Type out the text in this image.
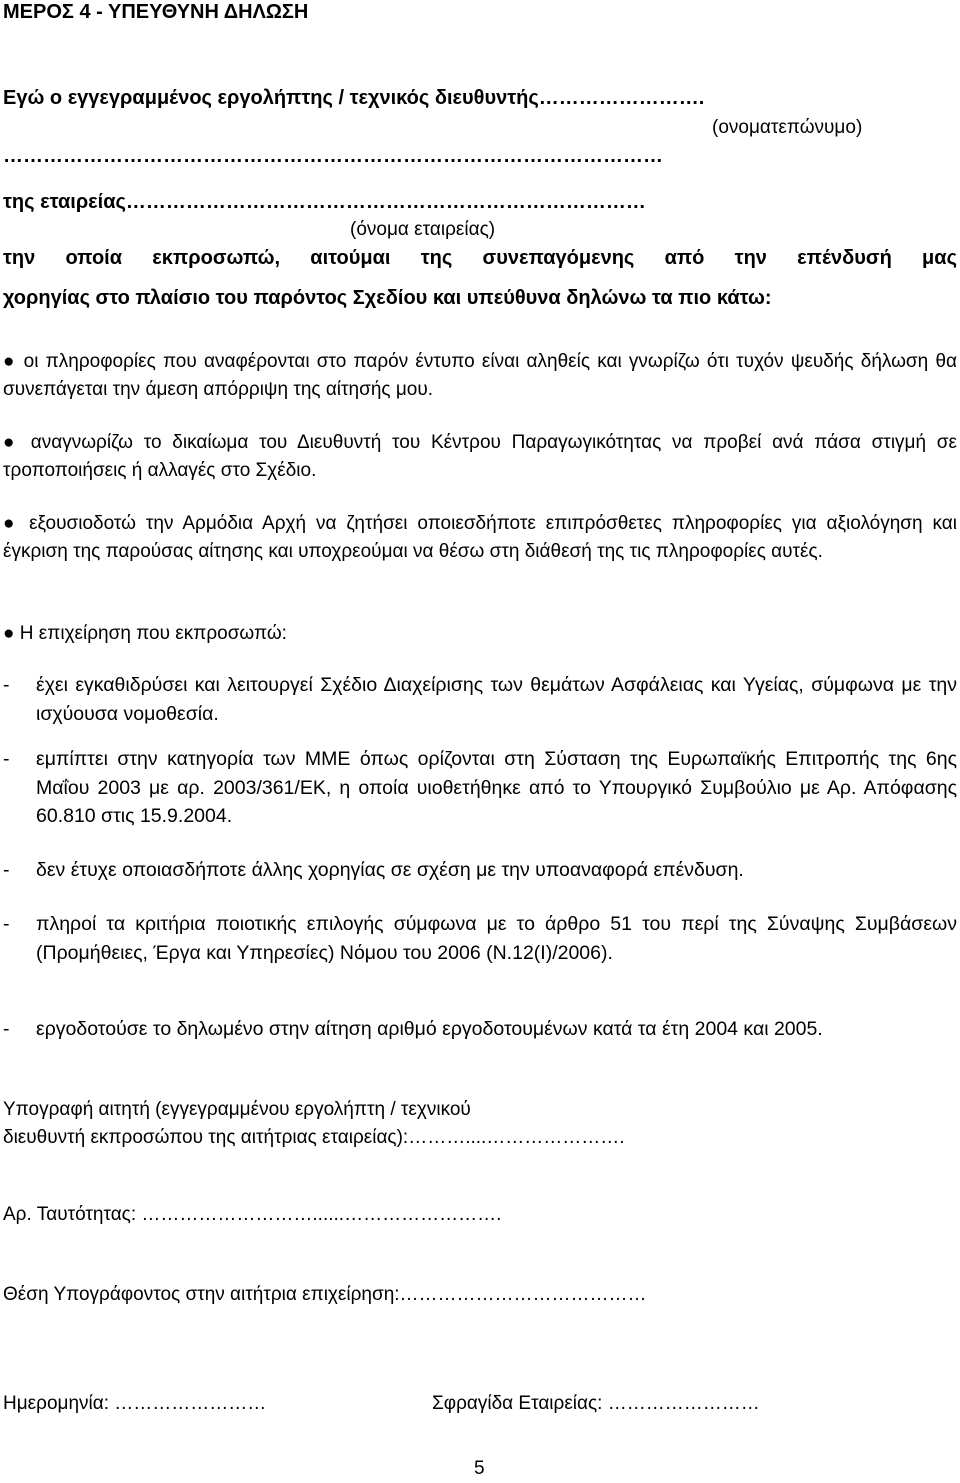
ΜΕΡΟΣ 4 - ΥΠΕΥΘΥΝΗ ΔΗΛΩΣΗ

Εγώ ο εγγεγραμμένος εργολήπτης / τεχνικός διευθυντής…………………….

(ονοματεπώνυμο)

………………………………………………………………………………………

της εταιρείας……………………………………………………………………

(όνομα εταιρείας)

την οποία εκπροσωπώ, αιτούμαι της συνεπαγόμενης από την επένδυσή μας

χορηγίας στο πλαίσιο του παρόντος Σχεδίου και υπεύθυνα δηλώνω τα πιο κάτω:

● οι πληροφορίες που αναφέρονται στο παρόν έντυπο είναι αληθείς και γνωρίζω ότι τυχόν ψευδής δήλωση θα συνεπάγεται την άμεση απόρριψη της αίτησής μου.

● αναγνωρίζω το δικαίωμα του Διευθυντή του Κέντρου Παραγωγικότητας να προβεί ανά πάσα στιγμή σε τροποποιήσεις ή αλλαγές στο Σχέδιο.

● εξουσιοδοτώ την Αρμόδια Αρχή να ζητήσει οποιεσδήποτε επιπρόσθετες πληροφορίες για αξιολόγηση και έγκριση της παρούσας αίτησης και υποχρεούμαι να θέσω στη διάθεσή της τις πληροφορίες αυτές.

● Η επιχείρηση που εκπροσωπώ:

-	έχει εγκαθιδρύσει και λειτουργεί Σχέδιο Διαχείρισης των θεμάτων Ασφάλειας και Υγείας, σύμφωνα με την ισχύουσα νομοθεσία.

-	εμπίπτει στην κατηγορία των ΜΜΕ όπως ορίζονται στη Σύσταση της Ευρωπαϊκής Επιτροπής της 6ης Μαΐου 2003 με αρ. 2003/361/ΕΚ, η οποία υιοθετήθηκε από το Υπουργικό Συμβούλιο με Αρ. Απόφασης 60.810 στις 15.9.2004.

-	δεν έτυχε οποιασδήποτε άλλης χορηγίας σε σχέση με την υποαναφορά επένδυση.

-	πληροί τα κριτήρια ποιοτικής επιλογής σύμφωνα με το άρθρο 51 του περί της Σύναψης Συμβάσεων (Προμήθειες, Έργα και Υπηρεσίες) Νόμου του 2006 (Ν.12(Ι)/2006).

-	εργοδοτούσε το δηλωμένο στην αίτηση αριθμό εργοδοτουμένων κατά τα έτη 2004 και 2005.

Υπογραφή αιτητή (εγγεγραμμένου εργολήπτη / τεχνικού

διευθυντή εκπροσώπου της αιτήτριας εταιρείας):………....………………….

Αρ. Ταυτότητας: ………………………......…………………….

Θέση Υπογράφοντος στην αιτήτρια επιχείρηση:…………………………………

Ημερομηνία: ……………………	Σφραγίδα Εταιρείας: ……………………

5
